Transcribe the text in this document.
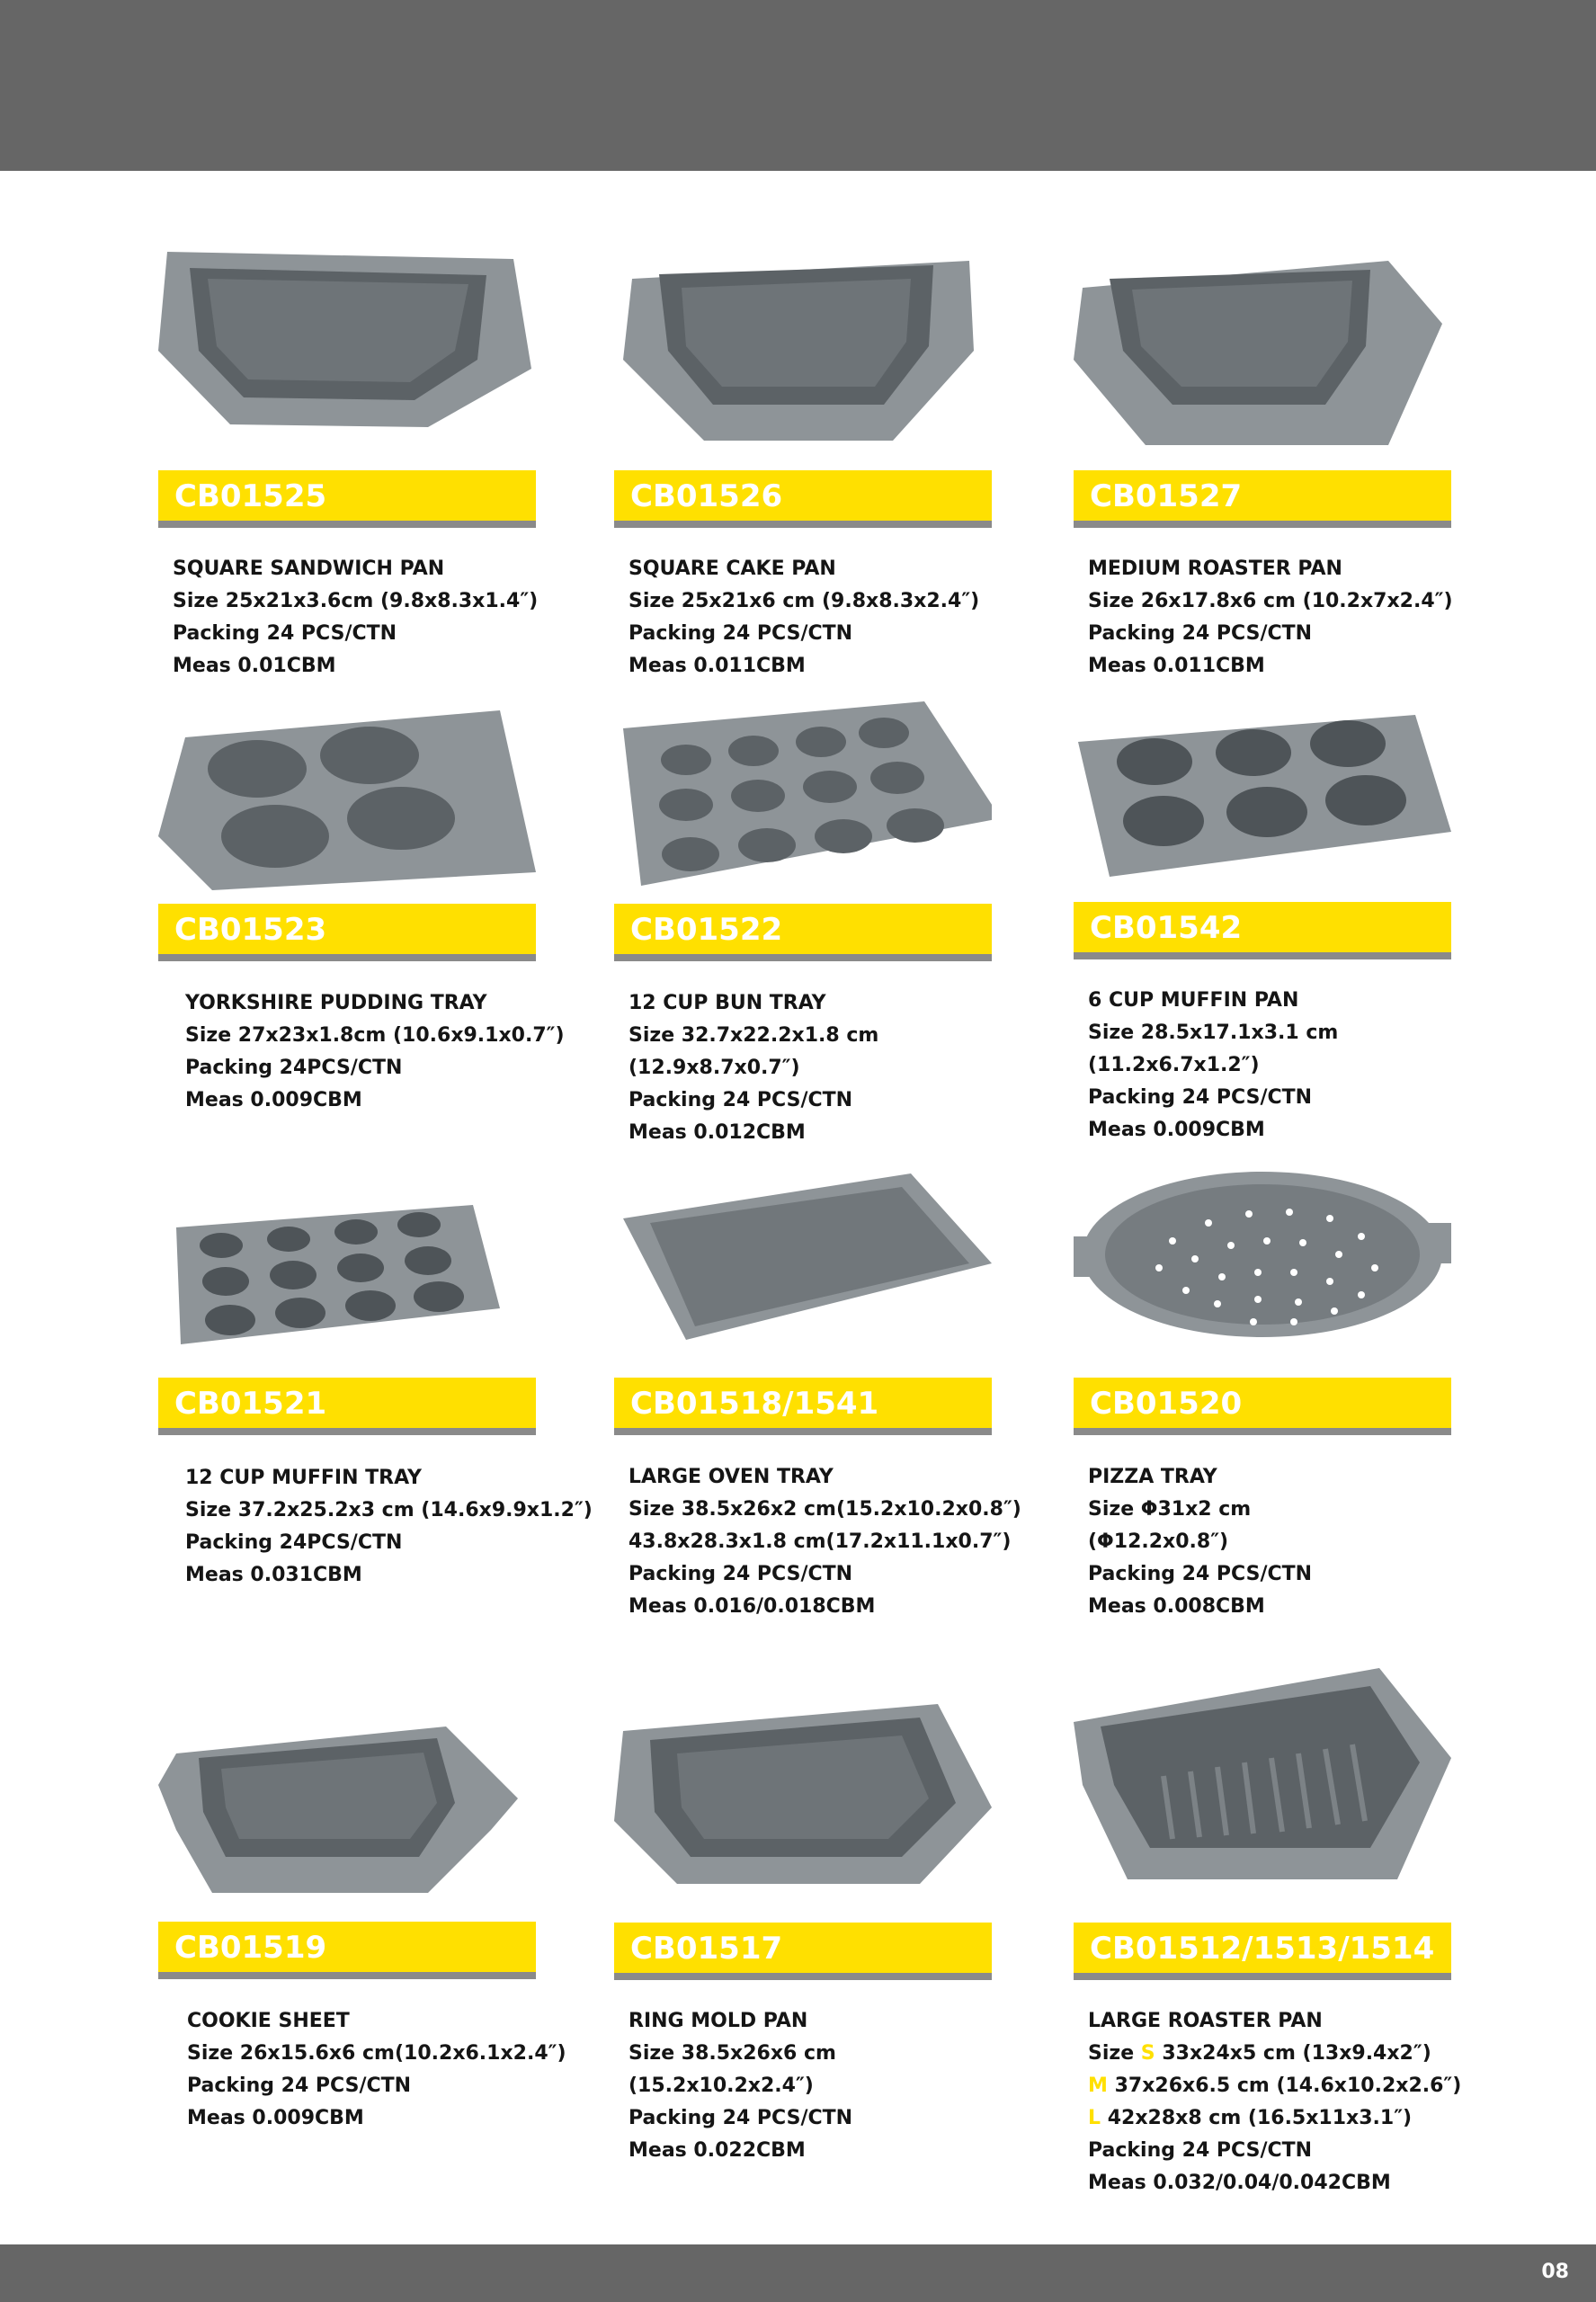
CB01525
SQUARE SANDWICH PAN
Size 25x21x3.6cm (9.8x8.3x1.4″)
Packing 24 PCS/CTN
Meas 0.01CBM
CB01526
SQUARE CAKE PAN
Size 25x21x6 cm (9.8x8.3x2.4″)
Packing 24 PCS/CTN
Meas 0.011CBM
CB01527
MEDIUM ROASTER PAN
Size 26x17.8x6 cm (10.2x7x2.4″)
Packing 24 PCS/CTN
Meas 0.011CBM
CB01523
YORKSHIRE PUDDING TRAY
Size 27x23x1.8cm (10.6x9.1x0.7″)
Packing 24PCS/CTN
Meas 0.009CBM
CB01522
12 CUP BUN TRAY
Size 32.7x22.2x1.8 cm
(12.9x8.7x0.7″)
Packing 24 PCS/CTN
Meas 0.012CBM
CB01542
6 CUP MUFFIN PAN
Size 28.5x17.1x3.1 cm
(11.2x6.7x1.2″)
Packing 24 PCS/CTN
Meas 0.009CBM
CB01521
12 CUP MUFFIN TRAY
Size 37.2x25.2x3 cm (14.6x9.9x1.2″)
Packing 24PCS/CTN
Meas 0.031CBM
CB01518/1541
LARGE OVEN TRAY
Size 38.5x26x2 cm(15.2x10.2x0.8″)
43.8x28.3x1.8 cm(17.2x11.1x0.7″)
Packing 24 PCS/CTN
Meas 0.016/0.018CBM
CB01520
PIZZA TRAY
Size Φ31x2 cm
(Φ12.2x0.8″)
Packing 24 PCS/CTN
Meas 0.008CBM
CB01519
COOKIE SHEET
Size 26x15.6x6 cm(10.2x6.1x2.4″)
Packing 24 PCS/CTN
Meas 0.009CBM
CB01517
RING MOLD PAN
Size 38.5x26x6 cm
(15.2x10.2x2.4″)
Packing 24 PCS/CTN
Meas 0.022CBM
CB01512/1513/1514
LARGE ROASTER PAN
Size S 33x24x5 cm (13x9.4x2″)
M 37x26x6.5 cm (14.6x10.2x2.6″)
L 42x28x8 cm (16.5x11x3.1″)
Packing 24 PCS/CTN
Meas 0.032/0.04/0.042CBM
08
